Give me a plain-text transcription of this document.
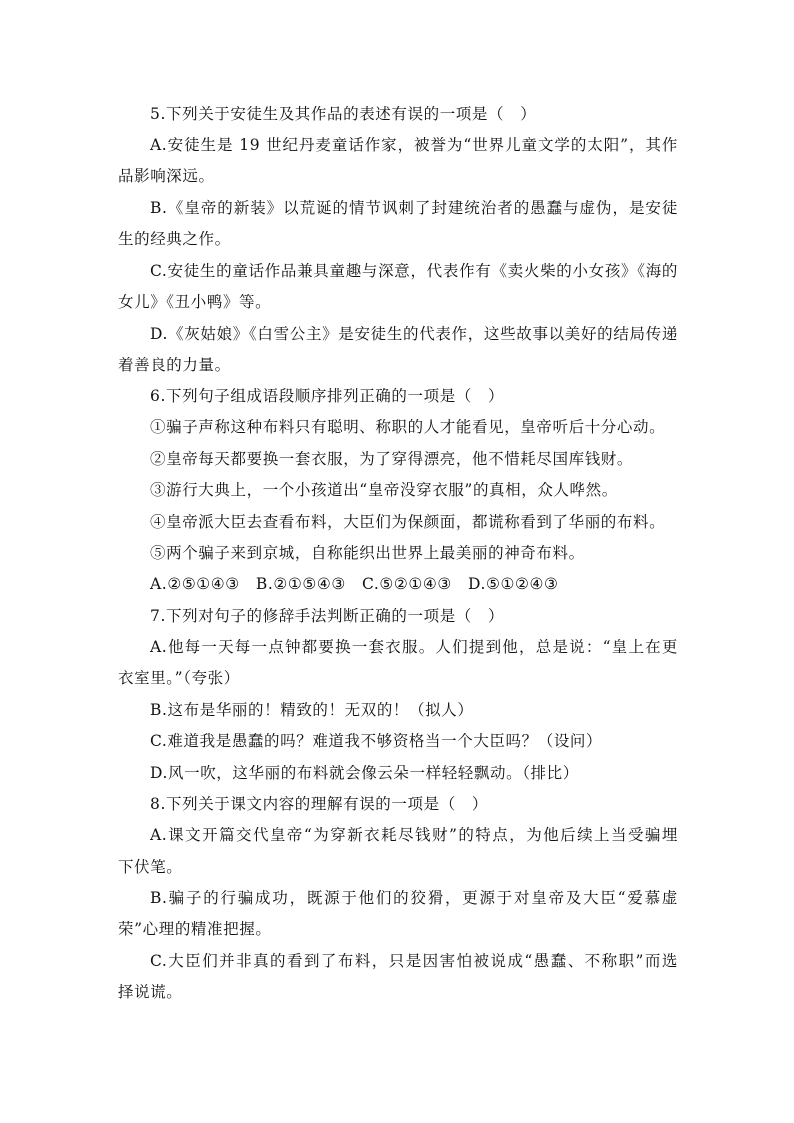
5.下列关于安徒生及其作品的表述有误的一项是（　）
A.安徒生是 19 世纪丹麦童话作家，被誉为“世界儿童文学的太阳”，其作
品影响深远。
B.《皇帝的新装》以荒诞的情节讽刺了封建统治者的愚蠢与虚伪，是安徒
生的经典之作。
C.安徒生的童话作品兼具童趣与深意，代表作有《卖火柴的小女孩》《海的
女儿》《丑小鸭》等。
D.《灰姑娘》《白雪公主》是安徒生的代表作，这些故事以美好的结局传递
着善良的力量。
6.下列句子组成语段顺序排列正确的一项是（　）
①骗子声称这种布料只有聪明、称职的人才能看见，皇帝听后十分心动。
②皇帝每天都要换一套衣服，为了穿得漂亮，他不惜耗尽国库钱财。
③游行大典上，一个小孩道出“皇帝没穿衣服”的真相，众人哗然。
④皇帝派大臣去查看布料，大臣们为保颜面，都谎称看到了华丽的布料。
⑤两个骗子来到京城，自称能织出世界上最美丽的神奇布料。
A.②⑤①④③　B.②①⑤④③　C.⑤②①④③　D.⑤①②④③
7.下列对句子的修辞手法判断正确的一项是（　）
A.他每一天每一点钟都要换一套衣服。人们提到他，总是说：“皇上在更
衣室里。”（夸张）
B.这布是华丽的！精致的！无双的！（拟人）
C.难道我是愚蠢的吗？难道我不够资格当一个大臣吗？（设问）
D.风一吹，这华丽的布料就会像云朵一样轻轻飘动。（排比）
8.下列关于课文内容的理解有误的一项是（　）
A.课文开篇交代皇帝“为穿新衣耗尽钱财”的特点，为他后续上当受骗埋
下伏笔。
B.骗子的行骗成功，既源于他们的狡猾，更源于对皇帝及大臣“爱慕虚
荣”心理的精准把握。
C.大臣们并非真的看到了布料，只是因害怕被说成“愚蠢、不称职”而选
择说谎。
